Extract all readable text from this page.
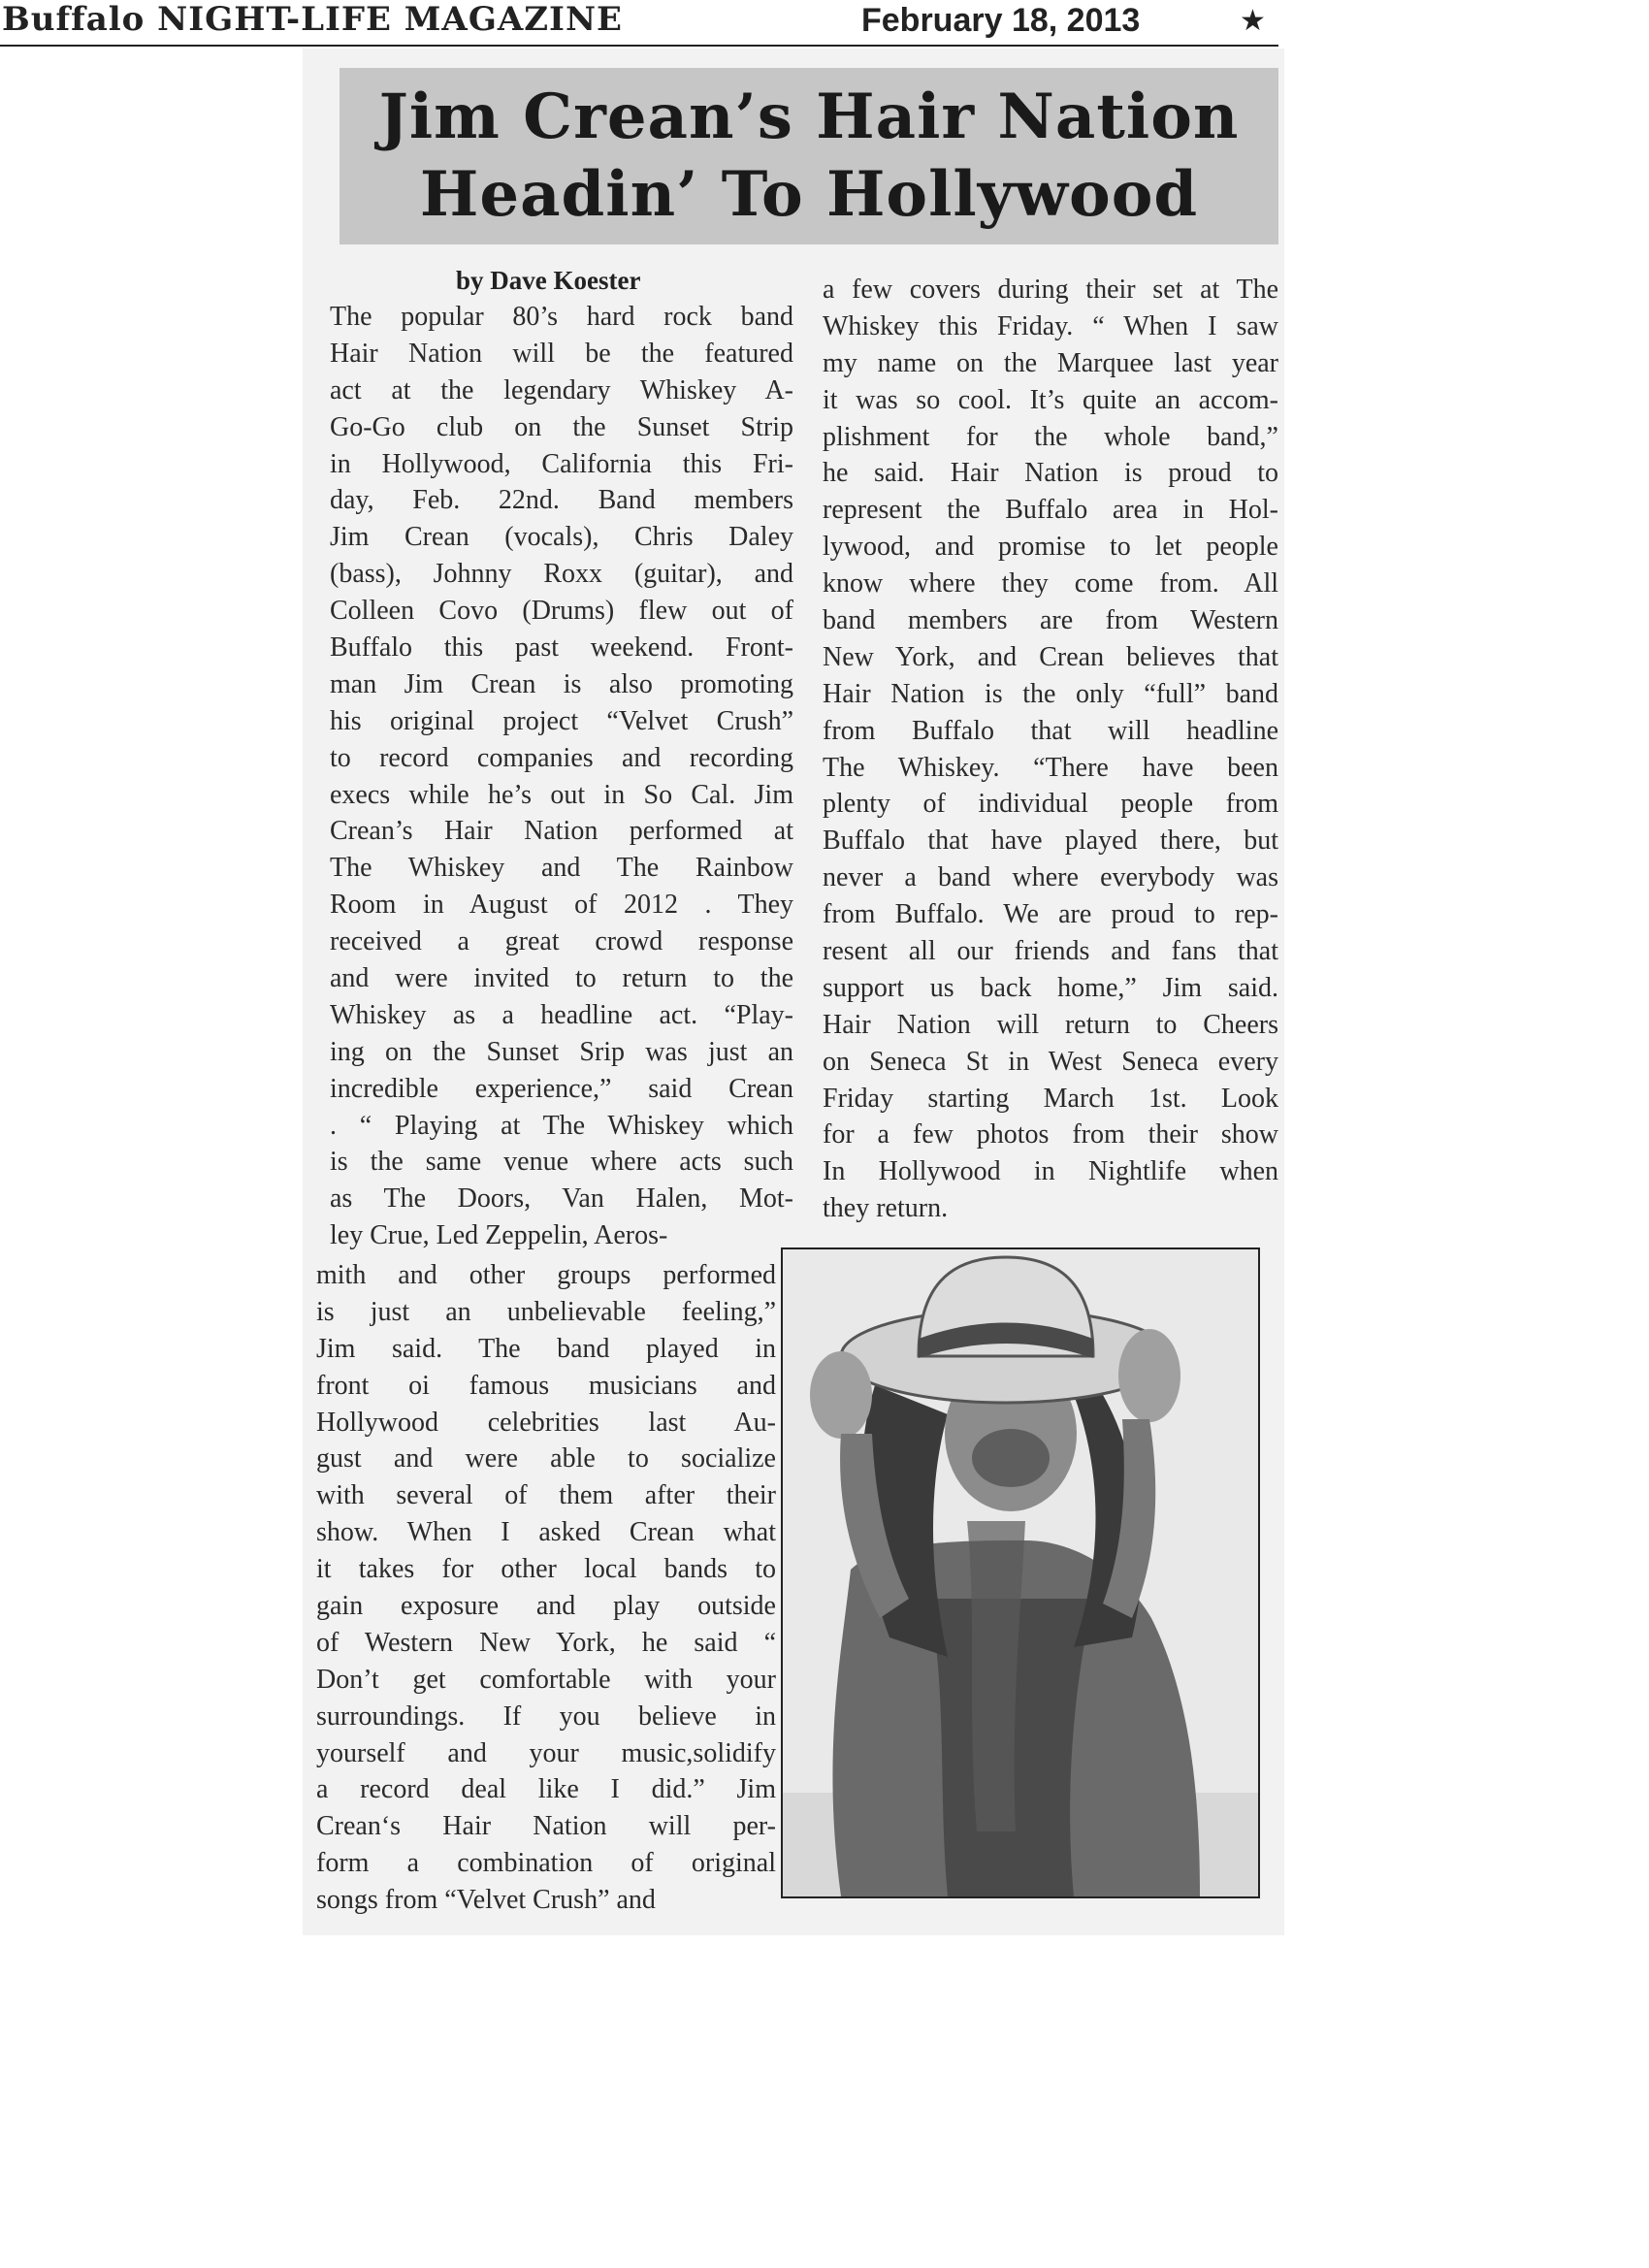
Buffalo NIGHT-LIFE MAGAZINE	February 18, 2013	★
Jim Crean’s Hair Nation
Headin’ To Hollywood
by Dave Koester
The popular 80’s hard rock band
Hair Nation will be the featured
act at the legendary Whiskey A-
Go-Go club on the Sunset Strip
in Hollywood, California this Fri-
day, Feb. 22nd. Band members
Jim Crean (vocals), Chris Daley
(bass), Johnny Roxx (guitar), and
Colleen Covo (Drums) flew out of
Buffalo this past weekend. Front-
man Jim Crean is also promoting
his original project “Velvet Crush”
to record companies and recording
execs while he’s out in So Cal. Jim
Crean’s Hair Nation performed at
The Whiskey and The Rainbow
Room in August of 2012 . They
received a great crowd response
and were invited to return to the
Whiskey as a headline act. “Play-
ing on the Sunset Srip was just an
incredible experience,” said Crean
. “ Playing at The Whiskey which
is the same venue where acts such
as The Doors, Van Halen, Mot-
ley Crue, Led Zeppelin, Aeros-
mith and other groups performed
is just an unbelievable feeling,”
Jim said. The band played in
front oi famous musicians and
Hollywood celebrities last Au-
gust and were able to socialize
with several of them after their
show. When I asked Crean what
it takes for other local bands to
gain exposure and play outside
of Western New York, he said “
Don’t get comfortable with your
surroundings. If you believe in
yourself and your music,solidify
a record deal like I did.” Jim
Crean‘s Hair Nation will per-
form a combination of original
songs from “Velvet Crush” and
a few covers during their set at The
Whiskey this Friday. “ When I saw
my name on the Marquee last year
it was so cool. It’s quite an accom-
plishment for the whole band,”
he said. Hair Nation is proud to
represent the Buffalo area in Hol-
lywood, and promise to let people
know where they come from. All
band members are from Western
New York, and Crean believes that
Hair Nation is the only “full” band
from Buffalo that will headline
The Whiskey. “There have been
plenty of individual people from
Buffalo that have played there, but
never a band where everybody was
from Buffalo. We are proud to rep-
resent all our friends and fans that
support us back home,” Jim said.
Hair Nation will return to Cheers
on Seneca St in West Seneca every
Friday starting March 1st. Look
for a few photos from their show
In Hollywood in Nightlife when
they return.
